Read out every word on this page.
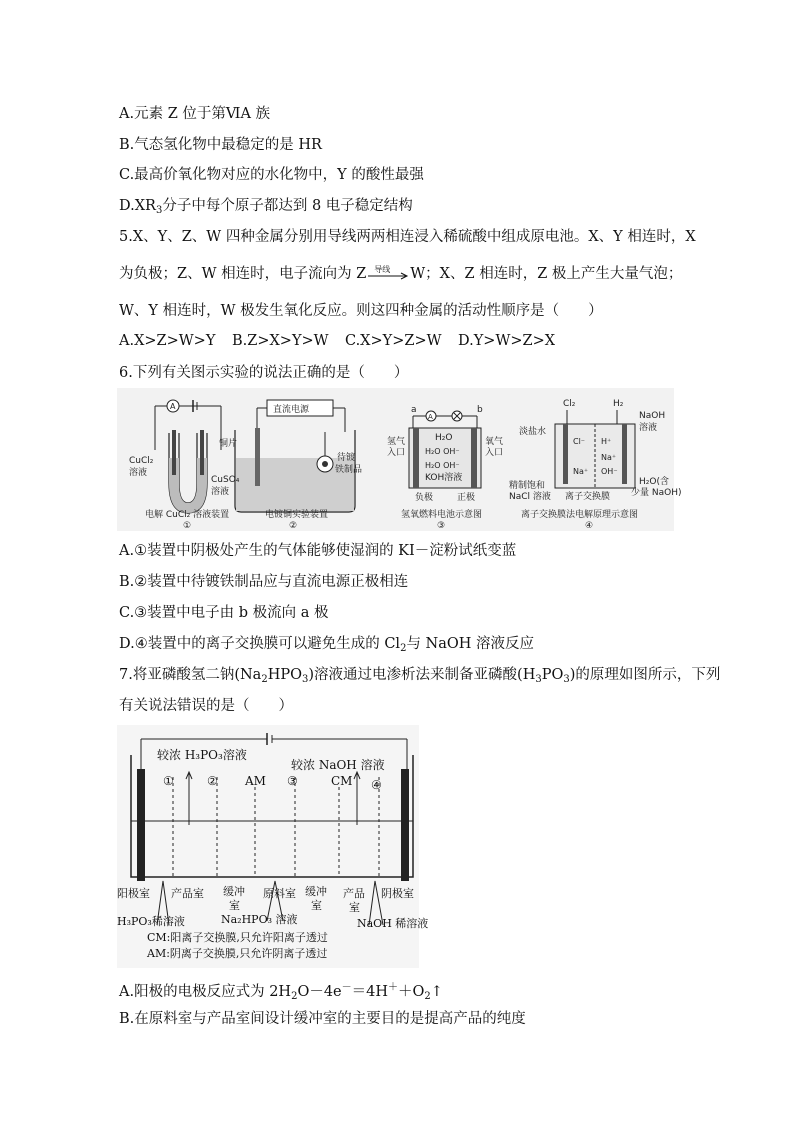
A.元素 Z 位于第ⅥA 族
B.气态氢化物中最稳定的是 HR
C.最高价氧化物对应的水化物中，Y 的酸性最强
$D.XR_3$分子中每个原子都达到 8 电子稳定结构
5.X、Y、Z、W 四种金属分别用导线两两相连浸入稀硫酸中组成原电池。X、Y 相连时，X
为负极；Z、W 相连时，电子流向为 Z 导线 W；X、Z 相连时，Z 极上产生大量气泡；
W、Y 相连时，W 极发生氧化反应。则这四种金属的活动性顺序是（　　）
A.X>Z>W>Y B.Z>X>Y>W C.X>Y>Z>W D.Y>W>Z>X
6.下列有关图示实验的说法正确的是（　　）
A
CuCl₂
溶液
电解 CuCl₂ 溶液装置
①
直流电源
铜片
待镀
铁制品
CuSO₄
溶液
电镀铜实验装置
②
A
a	b
H₂O
H₂O OH⁻
H₂O OH⁻
KOH溶液
氢气
入口
氧气
入口
负极	正极
氢氧燃料电池示意图
③
Cl₂	H₂
淡盐水
NaOH
溶液
Cl⁻ H⁺
Na⁺
Na⁺ OH⁻
精制饱和
NaCl 溶液 离子交换膜
H₂O(含
少量 NaOH)
离子交换膜法电解原理示意图
④
A.①装置中阴极处产生的气体能够使湿润的 KI－淀粉试纸变蓝
B.②装置中待镀铁制品应与直流电源正极相连
C.③装置中电子由 b 极流向 a 极
D.④装置中的离子交换膜可以避免生成的 $Cl_2$与 NaOH 溶液反应
7.将亚磷酸氢二钠$(Na_2HPO_3)$溶液通过电渗析法来制备亚磷酸$(H_3PO_3)$的原理如图所示，下列
有关说法错误的是（　　）
较浓 H₃PO₃溶液
较浓 NaOH 溶液
①	② AM ③	CM ④
阳极室 产品室 缓冲
室
原料室 缓冲
室
产品
室
阴极室
H₃PO₃稀溶液	Na₂HPO₃ 溶液	NaOH 稀溶液
CM:阳离子交换膜,只允许阳离子透过
AM:阴离子交换膜,只允许阴离子透过
A.阳极的电极反应式为 $2H_2O-4e^-=4H^++O_2↑$
B.在原料室与产品室间设计缓冲室的主要目的是提高产品的纯度
